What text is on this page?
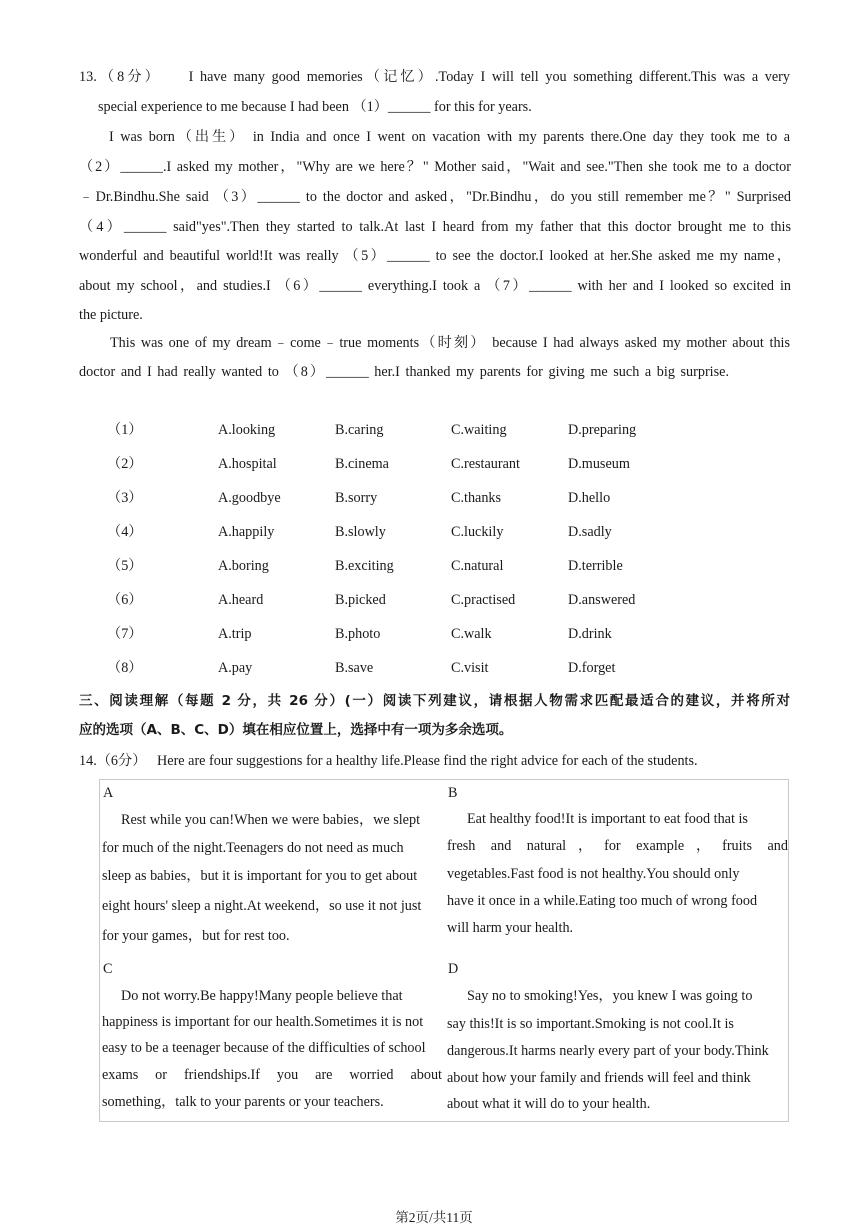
13.（8分）    I have many good memories（记忆）.Today I will tell you something different.This was a very
special experience to me because I had been （1）______ for this for years.
I was born（出生） in India and once I went on vacation with my parents there.One day they took me to a
（2）______.I asked my mother，"Why are we here？" Mother said，"Wait and see."Then she took me to a doctor
﹣Dr.Bindhu.She said （3）______ to the doctor and asked，"Dr.Bindhu，do you still remember me？" Surprised
（4）______ said"yes".Then they started to talk.At last I heard from my father that this doctor brought me to this
wonderful and beautiful world!It was really （5）______ to see the doctor.I looked at her.She asked me my name，
about my school，and studies.I （6）______ everything.I took a （7）______ with her and I looked so excited in
the picture.
This was one of my dream﹣come﹣true moments（时刻） because I had always asked my mother about this
doctor and I had really wanted to （8）______ her.I thanked my parents for giving me such a big surprise.
（1）	A.looking	B.caring	C.waiting	D.preparing
（2）	A.hospital	B.cinema	C.restaurant	D.museum
（3）	A.goodbye	B.sorry	C.thanks	D.hello
（4）	A.happily	B.slowly	C.luckily	D.sadly
（5）	A.boring	B.exciting	C.natural	D.terrible
（6）	A.heard	B.picked	C.practised	D.answered
（7）	A.trip	B.photo	C.walk	D.drink
（8）	A.pay	B.save	C.visit	D.forget
三、阅读理解（每题 2 分，共 26 分）(一）阅读下列建议，请根据人物需求匹配最适合的建议，并将所对
应的选项（A、B、C、D）填在相应位置上，选择中有一项为多余选项。
14.（6分）   Here are four suggestions for a healthy life.Please find the right advice for each of the students.
A
Rest while you can!When we were babies，we slept
for much of the night.Teenagers do not need as much
sleep as babies，but it is important for you to get about
eight hours' sleep a night.At weekend，so use it not just
for your games，but for rest too.
B
Eat healthy food!It is important to eat food that is
fresh and natural，for example，fruits and
vegetables.Fast food is not healthy.You should only
have it once in a while.Eating too much of wrong food
will harm your health.
C
Do not worry.Be happy!Many people believe that
happiness is important for our health.Sometimes it is not
easy to be a teenager because of the difficulties of school
exams or friendships.If you are worried about
something，talk to your parents or your teachers.
D
Say no to smoking!Yes，you knew I was going to
say this!It is so important.Smoking is not cool.It is
dangerous.It harms nearly every part of your body.Think
about how your family and friends will feel and think
about what it will do to your health.
第2页/共11页
